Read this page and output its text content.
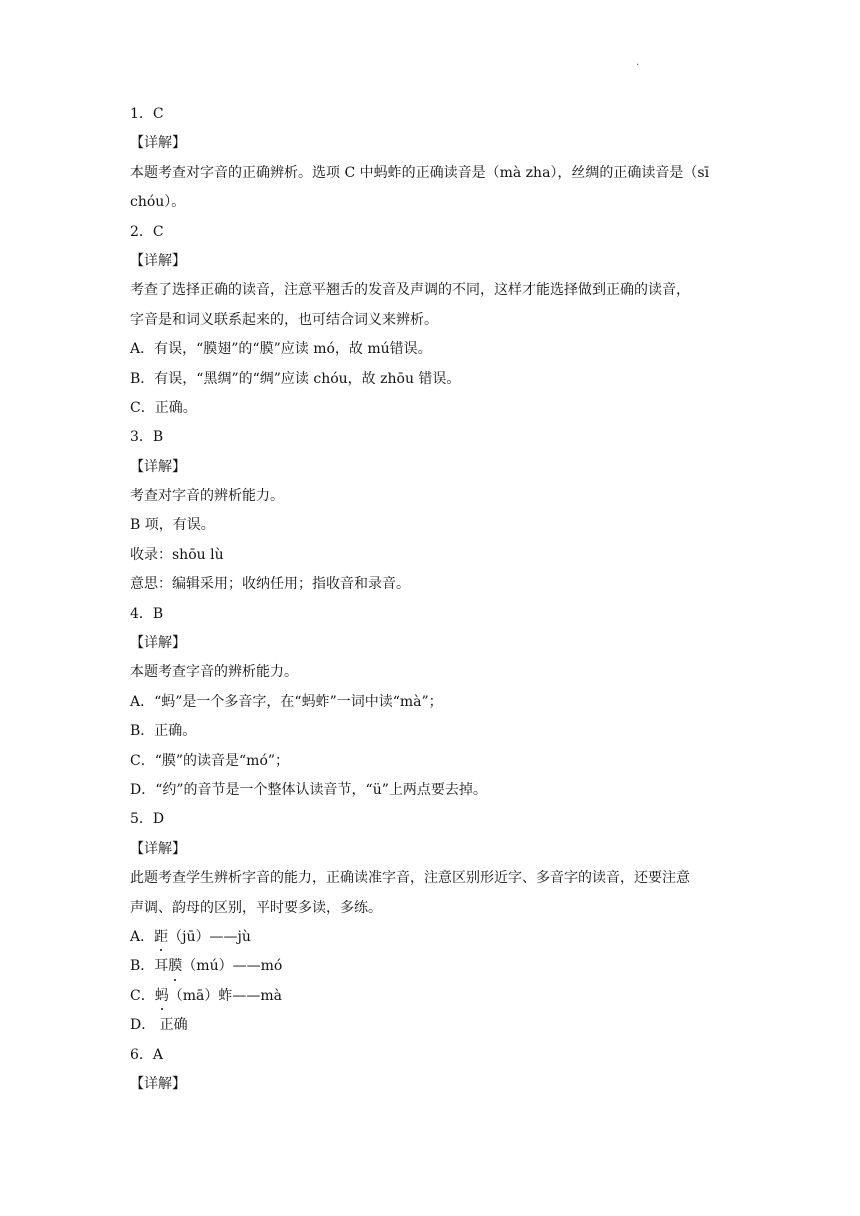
.
1．C
【详解】
本题考查对字音的正确辨析。选项 C 中蚂蚱的正确读音是（mà zha），丝绸的正确读音是（sī
chóu）。
2．C
【详解】
考查了选择正确的读音，注意平翘舌的发音及声调的不同，这样才能选择做到正确的读音，
字音是和词义联系起来的，也可结合词义来辨析。
A．有误，“膜翅”的“膜”应读 mó，故 mú错误。
B．有误，“黑绸”的“绸”应读 chóu，故 zhōu 错误。
C．正确。
3．B
【详解】
考查对字音的辨析能力。
B 项，有误。
收录：shōu lù
意思：编辑采用；收纳任用；指收音和录音。
4．B
【详解】
本题考查字音的辨析能力。
A．“蚂”是一个多音字，在“蚂蚱”一词中读“mà”；
B．正确。
C．“膜”的读音是“mó”；
D．“约”的音节是一个整体认读音节，“ü”上两点要去掉。
5．D
【详解】
此题考查学生辨析字音的能力，正确读准字音，注意区别形近字、多音字的读音，还要注意
声调、韵母的区别，平时要多读，多练。
A．距（jū）——jù
B．耳膜（mú）——mó
C．蚂（mā）蚱——mà
D． 正确
6．A
【详解】
